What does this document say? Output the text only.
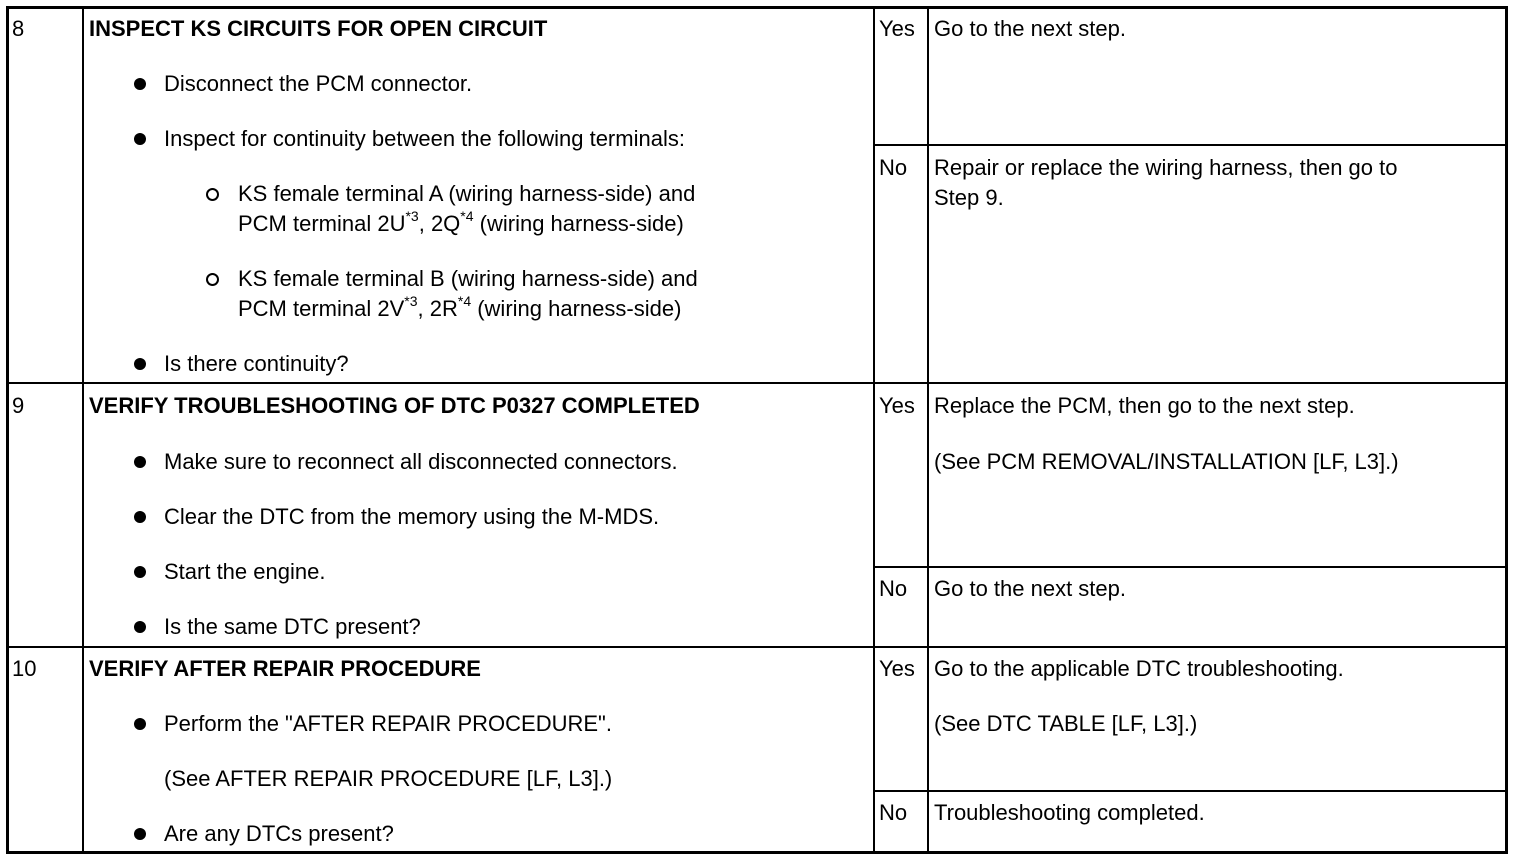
8	INSPECT KS CIRCUITS FOR OPEN CIRCUIT
Disconnect the PCM connector.
Inspect for continuity between the following terminals:
KS female terminal A (wiring harness-side) and
PCM terminal $2U^{*3}$, $2Q^{*4}$ (wiring harness-side)
KS female terminal B (wiring harness-side) and
PCM terminal $2V^{*3}$, $2R^{*4}$ (wiring harness-side)
Is there continuity?
Yes Go to the next step.
No Repair or replace the wiring harness, then go to
Step 9.
9	VERIFY TROUBLESHOOTING OF DTC P0327 COMPLETED
Make sure to reconnect all disconnected connectors.
Clear the DTC from the memory using the M-MDS.
Start the engine.
Is the same DTC present?
Yes Replace the PCM, then go to the next step.
(See PCM REMOVAL/INSTALLATION [LF, L3].)
No Go to the next step.
10 VERIFY AFTER REPAIR PROCEDURE
Perform the "AFTER REPAIR PROCEDURE".
(See AFTER REPAIR PROCEDURE [LF, L3].)
Are any DTCs present?
Yes Go to the applicable DTC troubleshooting.
(See DTC TABLE [LF, L3].)
No Troubleshooting completed.
